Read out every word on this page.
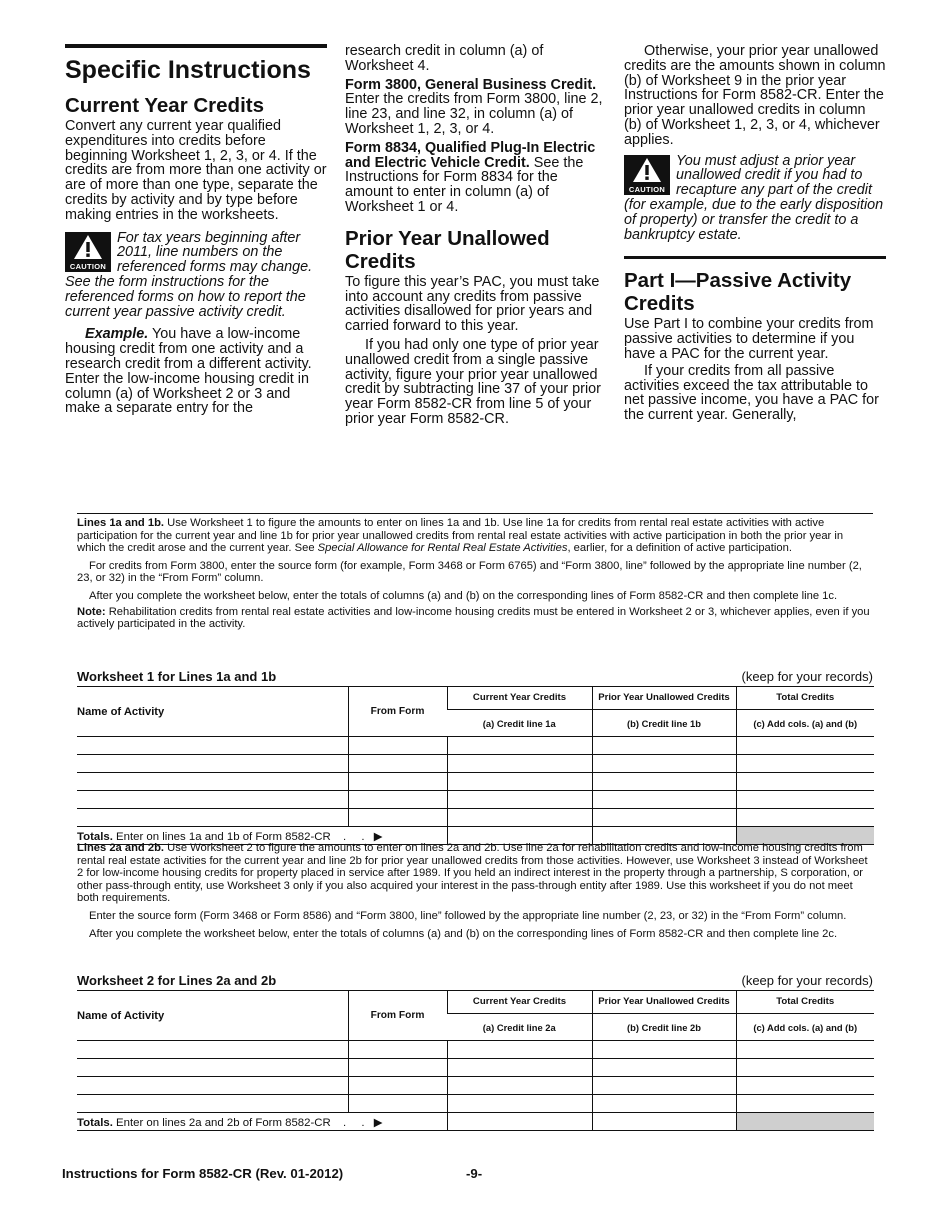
Specific Instructions
Current Year Credits

Convert any current year qualified expenditures into credits before beginning Worksheet 1, 2, 3, or 4. If the credits are from more than one activity or are of more than one type, separate the credits by activity and by type before making entries in the worksheets.

CAUTION

For tax years beginning after 2011, line numbers on the referenced forms may change. See the form instructions for the referenced forms on how to report the current year passive activity credit.

Example. You have a low-income housing credit from one activity and a research credit from a different activity. Enter the low-income housing credit in column (a) of Worksheet 2 or 3 and make a separate entry for the

research credit in column (a) of Worksheet 4.

Form 3800, General Business Credit. Enter the credits from Form 3800, line 2, line 23, and line 32, in column (a) of Worksheet 1, 2, 3, or 4.

Form 8834, Qualified Plug-In Electric and Electric Vehicle Credit. See the Instructions for Form 8834 for the amount to enter in column (a) of Worksheet 1 or 4.

Prior Year Unallowed Credits

To figure this year’s PAC, you must take into account any credits from passive activities disallowed for prior years and carried forward to this year.

If you had only one type of prior year unallowed credit from a single passive activity, figure your prior year unallowed credit by subtracting line 37 of your prior year Form 8582-CR from line 5 of your prior year Form 8582-CR.

Otherwise, your prior year unallowed credits are the amounts shown in column (b) of Worksheet 9 in the prior year Instructions for Form 8582-CR. Enter the prior year unallowed credits in column (b) of Worksheet 1, 2, 3, or 4, whichever applies.

CAUTION

You must adjust a prior year unallowed credit if you had to recapture any part of the credit (for example, due to the early disposition of property) or transfer the credit to a bankruptcy estate.

Part I—Passive Activity Credits

Use Part I to combine your credits from passive activities to determine if you have a PAC for the current year.

If your credits from all passive activities exceed the tax attributable to net passive income, you have a PAC for the current year. Generally,

Lines 1a and 1b. Use Worksheet 1 to figure the amounts to enter on lines 1a and 1b. Use line 1a for credits from rental real estate activities with active participation for the current year and line 1b for prior year unallowed credits from rental real estate activities with active participation in both the prior year in which the credit arose and the current year. See Special Allowance for Rental Real Estate Activities, earlier, for a definition of active participation.

For credits from Form 3800, enter the source form (for example, Form 3468 or Form 6765) and “Form 3800, line” followed by the appropriate line number (2, 23, or 32) in the “From Form” column.

After you complete the worksheet below, enter the totals of columns (a) and (b) on the corresponding lines of Form 8582-CR and then complete line 1c.

Note: Rehabilitation credits from rental real estate activities and low-income housing credits must be entered in Worksheet 2 or 3, whichever applies, even if you actively participated in the activity.

Worksheet 1 for Lines 1a and 1b	(keep for your records)
Name of Activity	From Form	Current Year Credits	Prior Year Unallowed Credits	Total Credits
		(a) Credit line 1a	(b) Credit line 1b	(c) Add cols. (a) and (b)

Totals. Enter on lines 1a and 1b of Form 8582-CR  . . ▶				

Lines 2a and 2b. Use Worksheet 2 to figure the amounts to enter on lines 2a and 2b. Use line 2a for rehabilitation credits and low-income housing credits from rental real estate activities for the current year and line 2b for prior year unallowed credits from those activities. However, use Worksheet 3 instead of Worksheet 2 for low-income housing credits for property placed in service after 1989. If you held an indirect interest in the property through a partnership, S corporation, or other pass-through entity, use Worksheet 3 only if you also acquired your interest in the pass-through entity after 1989. Use this worksheet if you do not meet both requirements.

Enter the source form (Form 3468 or Form 8586) and “Form 3800, line” followed by the appropriate line number (2, 23, or 32) in the “From Form” column.

After you complete the worksheet below, enter the totals of columns (a) and (b) on the corresponding lines of Form 8582-CR and then complete line 2c.

Worksheet 2 for Lines 2a and 2b	(keep for your records)
Name of Activity	From Form	Current Year Credits	Prior Year Unallowed Credits	Total Credits
		(a) Credit line 2a	(b) Credit line 2b	(c) Add cols. (a) and (b)

Totals. Enter on lines 2a and 2b of Form 8582-CR  . . ▶				
Instructions for Form 8582-CR (Rev. 01-2012)	-9-
